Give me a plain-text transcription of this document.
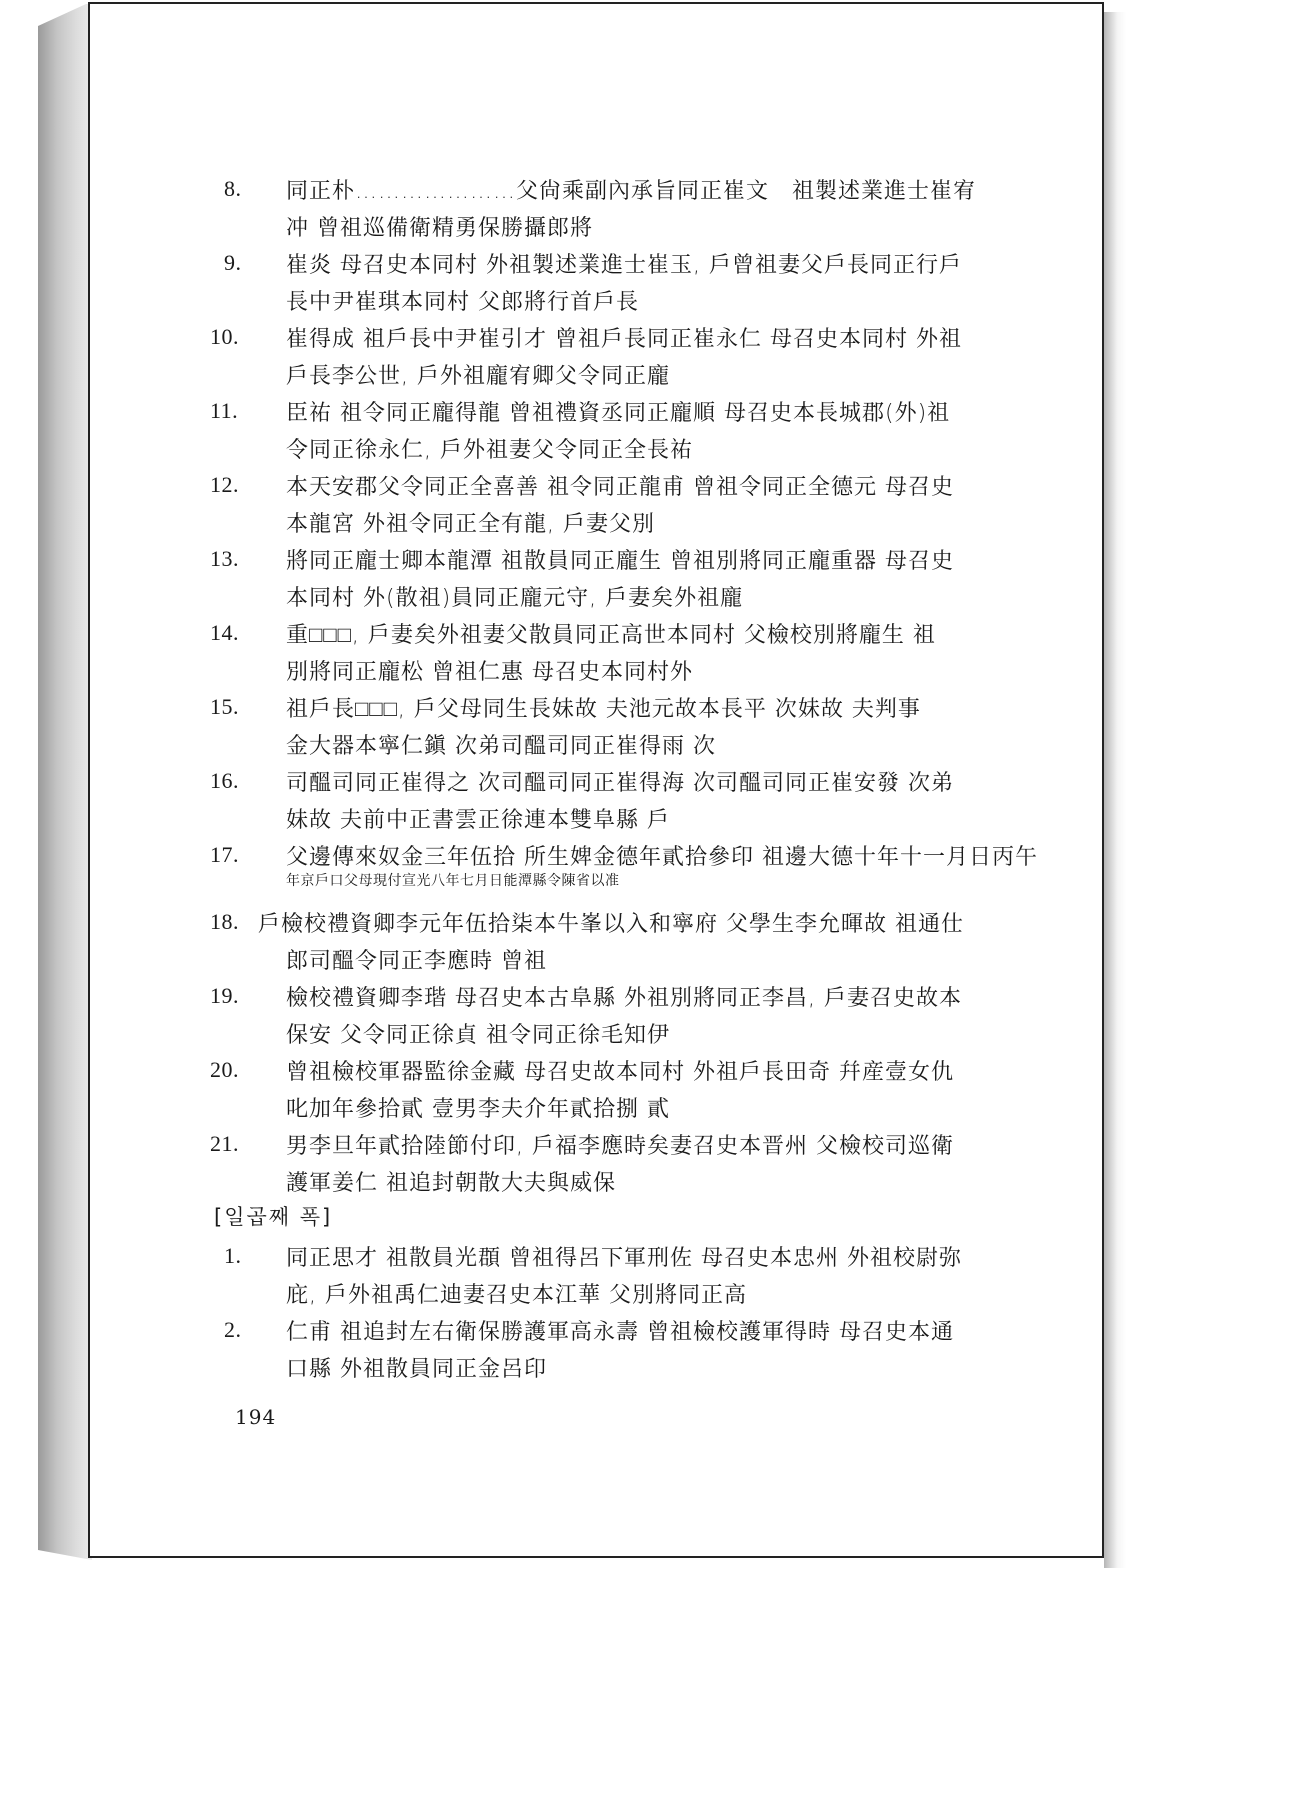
8. 同正朴…………………父尙乘副內承旨同正崔文　祖製述業進士崔宥
冲 曾祖巡備衛精勇保勝攝郎將
9. 崔炎 母召史本同村 外祖製述業進士崔玉, 戶曾祖妻父戶長同正行戶
長中尹崔琪本同村 父郎將行首戶長
10. 崔得成 祖戶長中尹崔引才 曾祖戶長同正崔永仁 母召史本同村 外祖
戶長李公世, 戶外祖龐宥卿父令同正龐
11. 臣祐 祖令同正龐得龍 曾祖禮資丞同正龐順 母召史本長城郡(外)祖
令同正徐永仁, 戶外祖妻父令同正全長祐
12. 本天安郡父令同正全喜善 祖令同正龍甫 曾祖令同正全德元 母召史
本龍宮 外祖令同正全有龍, 戶妻父別
13. 將同正龐士卿本龍潭 祖散員同正龐生 曾祖別將同正龐重器 母召史
本同村 外(散祖)員同正龐元守, 戶妻矣外祖龐
14. 重□□□, 戶妻矣外祖妻父散員同正高世本同村 父檢校別將龐生 祖
別將同正龐松 曾祖仁惠 母召史本同村外
15. 祖戶長□□□, 戶父母同生長妹故 夫池元故本長平 次妹故 夫判事
金大器本寧仁鎭 次弟司醞司同正崔得雨 次
16. 司醞司同正崔得之 次司醞司同正崔得海 次司醞司同正崔安發 次弟
妹故 夫前中正書雲正徐連本雙阜縣 戶
17. 父邊傳來奴金三年伍拾 所生婢金德年貳拾參印 祖邊大德十年十一月日丙午
年京戶口父母現付宣光八年七月日能潭縣令陳省以准
18. 戶檢校禮資卿李元年伍拾柒本牛峯以入和寧府 父學生李允暉故 祖通仕
郎司醞令同正李應時 曾祖
19. 檢校禮資卿李瑎 母召史本古阜縣 外祖別將同正李昌, 戶妻召史故本
保安 父令同正徐貞 祖令同正徐毛知伊
20. 曾祖檢校軍器監徐金藏 母召史故本同村 外祖戶長田奇 幷産壹女仇
叱加年參拾貳 壹男李夫介年貳拾捌 貳
21. 男李旦年貳拾陸節付印, 戶福李應時矣妻召史本晋州 父檢校司巡衛
護軍姜仁 祖追封朝散大夫與威保
[일곱째 폭]
1. 同正思才 祖散員光頵 曾祖得呂下軍刑佐 母召史本忠州 外祖校尉弥
庇, 戶外祖禹仁迪妻召史本江華 父別將同正高
2. 仁甫 祖追封左右衛保勝護軍高永壽 曾祖檢校護軍得時 母召史本通
口縣 外祖散員同正金呂印
194
